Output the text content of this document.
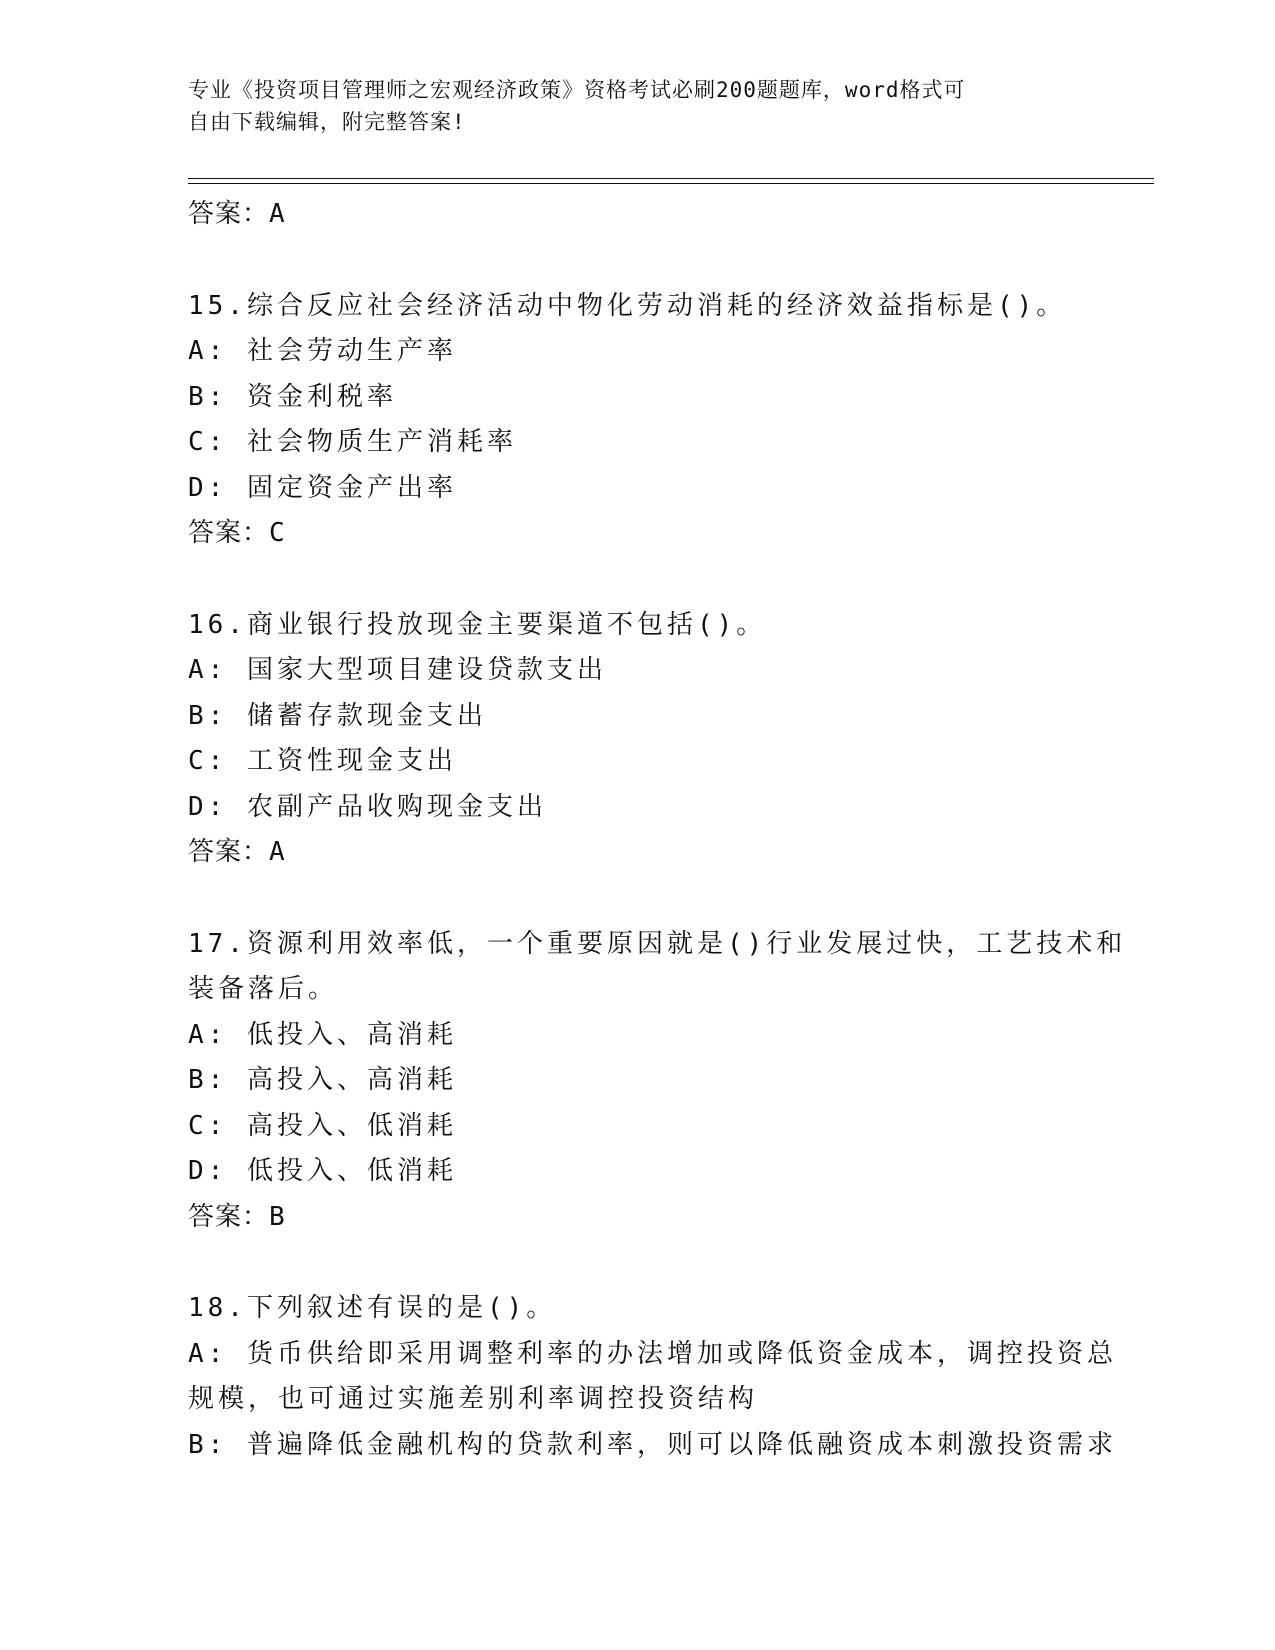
专业《投资项目管理师之宏观经济政策》资格考试必刷200题题库，word格式可
自由下载编辑，附完整答案!
答案：A
15.综合反应社会经济活动中物化劳动消耗的经济效益指标是()。
A: 社会劳动生产率
B: 资金利税率
C: 社会物质生产消耗率
D: 固定资金产出率
答案：C
16.商业银行投放现金主要渠道不包括()。
A: 国家大型项目建设贷款支出
B: 储蓄存款现金支出
C: 工资性现金支出
D: 农副产品收购现金支出
答案：A
17.资源利用效率低，一个重要原因就是()行业发展过快，工艺技术和
装备落后。
A: 低投入、高消耗
B: 高投入、高消耗
C: 高投入、低消耗
D: 低投入、低消耗
答案：B
18.下列叙述有误的是()。
A: 货币供给即采用调整利率的办法增加或降低资金成本，调控投资总
规模，也可通过实施差别利率调控投资结构
B: 普遍降低金融机构的贷款利率，则可以降低融资成本刺激投资需求
